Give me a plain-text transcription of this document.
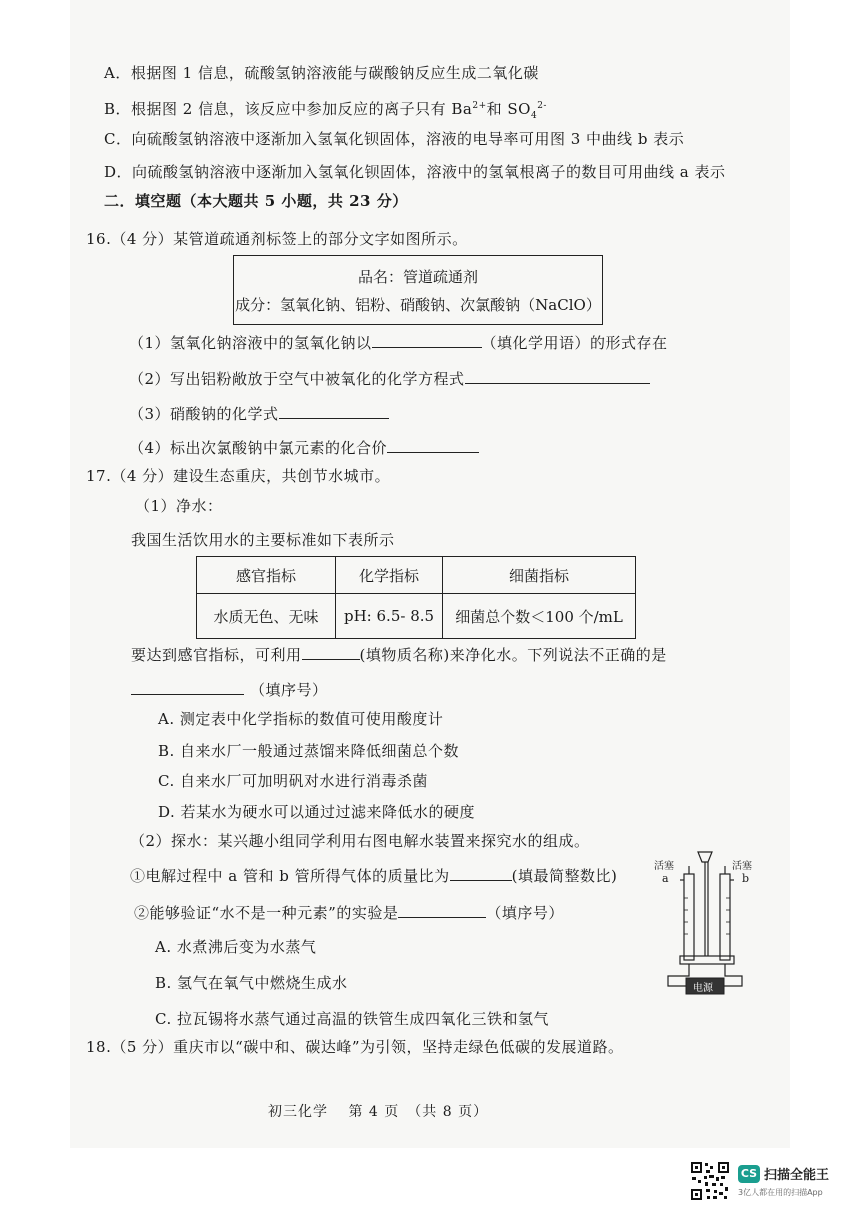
A．根据图 1 信息，硫酸氢钠溶液能与碳酸钠反应生成二氧化碳
B．根据图 2 信息，该反应中参加反应的离子只有 $Ba^{2+}$和 $SO_4^{2-}$
C．向硫酸氢钠溶液中逐渐加入氢氧化钡固体，溶液的电导率可用图 3 中曲线 b 表示
D．向硫酸氢钠溶液中逐渐加入氢氧化钡固体，溶液中的氢氧根离子的数目可用曲线 a 表示
二．填空题（本大题共 5 小题，共 23 分）
16.（4 分）某管道疏通剂标签上的部分文字如图所示。
品名：管道疏通剂
成分：氢氧化钠、铝粉、硝酸钠、次氯酸钠（NaClO）
（1）氢氧化钠溶液中的氢氧化钠以	（填化学用语）的形式存在
（2）写出铝粉敞放于空气中被氧化的化学方程式
（3）硝酸钠的化学式
（4）标出次氯酸钠中氯元素的化合价
17.（4 分）建设生态重庆，共创节水城市。
（1）净水：
我国生活饮用水的主要标准如下表所示
感官指标	化学指标	细菌指标
水质无色、无味	pH: 6.5- 8.5	细菌总个数＜100 个/mL
要达到感官指标，可利用	(填物质名称)来净化水。下列说法不正确的是
（填序号）
A. 测定表中化学指标的数值可使用酸度计
B. 自来水厂一般通过蒸馏来降低细菌总个数
C. 自来水厂可加明矾对水进行消毒杀菌
D. 若某水为硬水可以通过过滤来降低水的硬度
（2）探水：某兴趣小组同学利用右图电解水装置来探究水的组成。
①电解过程中 a 管和 b 管所得气体的质量比为	(填最简整数比)
②能够验证“水不是一种元素”的实验是	（填序号）
A. 水煮沸后变为水蒸气
B. 氢气在氧气中燃烧生成水
C. 拉瓦锡将水蒸气通过高温的铁管生成四氧化三铁和氢气
活塞	活塞
a	b
电源
18.（5 分）重庆市以“碳中和、碳达峰”为引领，坚持走绿色低碳的发展道路。
初三化学　 第 4 页　（共 8 页）
CS 扫描全能王
3亿人都在用的扫描App
